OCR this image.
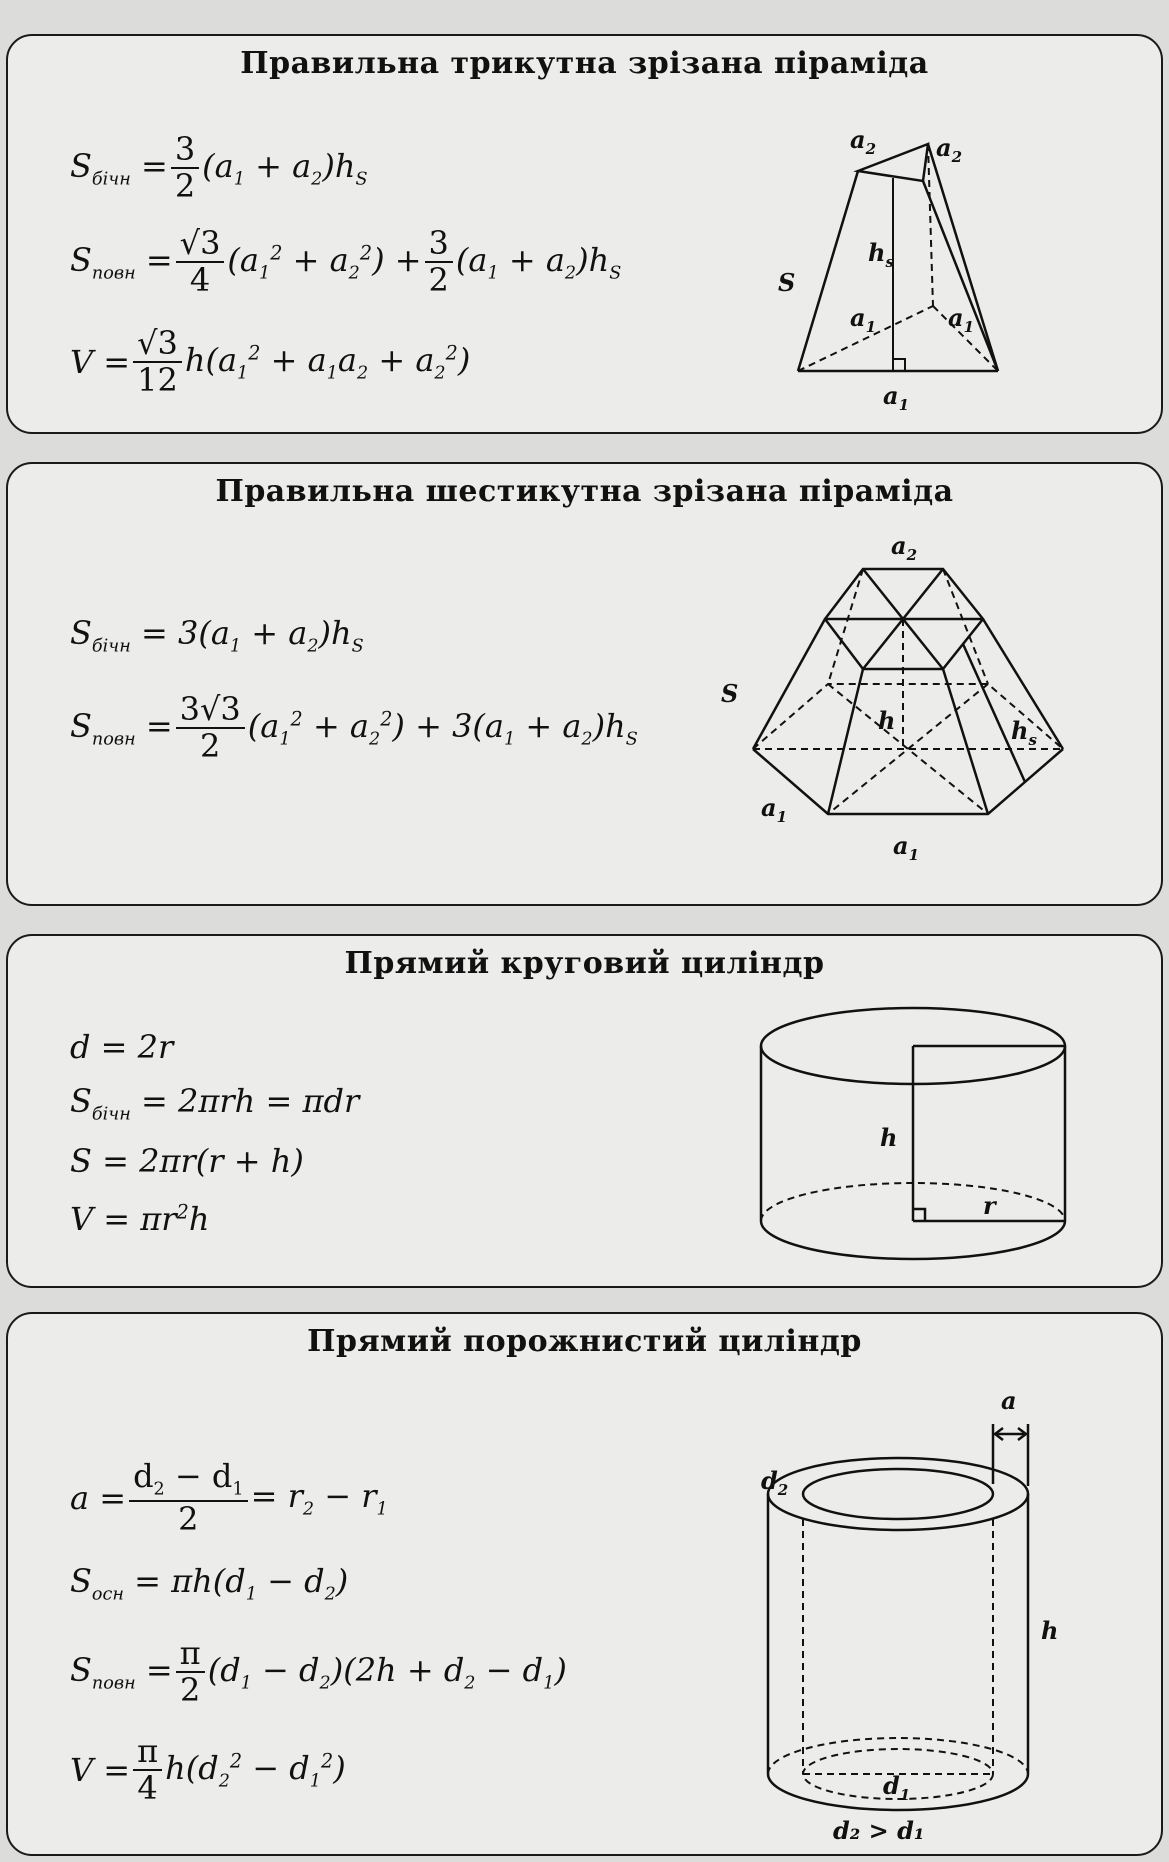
Правильна трикутна зрізана піраміда
$S_{бічн} = \frac{3}{2} (a_1 + a_2)h_S$
$S_{повн} = \frac{√3}{4} (a_1^2 + a_2^2) + \frac{3}{2} (a_1 + a_2)h_S$
$V = \frac{√3}{12} h(a_1^2 + a_1a_2 + a_2^2)$
$a_2$	$a_2$
S
$h_s$
$a_1$	$a_1$
$a_1$
Правильна шестикутна зрізана піраміда
$S_{бічн} = 3(a_1 + a_2)h_S$
$S_{повн} = \frac{3√3}{2} (a_1^2 + a_2^2) + 3(a_1 + a_2)h_S$
$a_2$
S
h	$h_s$
$a_1$
$a_1$
Прямий круговий циліндр
d = 2r
$S_{бічн} = 2\pi rh = \pi dr$
S = 2πr(r + h)
$V = \pi r^2h$
h
r
Прямий порожнистий циліндр
$a = \frac{d_2 - d_1}{2} = r_2 - r_1$
$S_{осн} = \pi h(d_1 - d_2)$
$S_{повн} = \frac{\pi}{2} (d_1 - d_2)(2h + d_2 - d_1)$
$V = \frac{\pi}{4} h(d_2^2 - d_1^2)$
a
$d_2$
h
$d_1$
d₂ > d₁
